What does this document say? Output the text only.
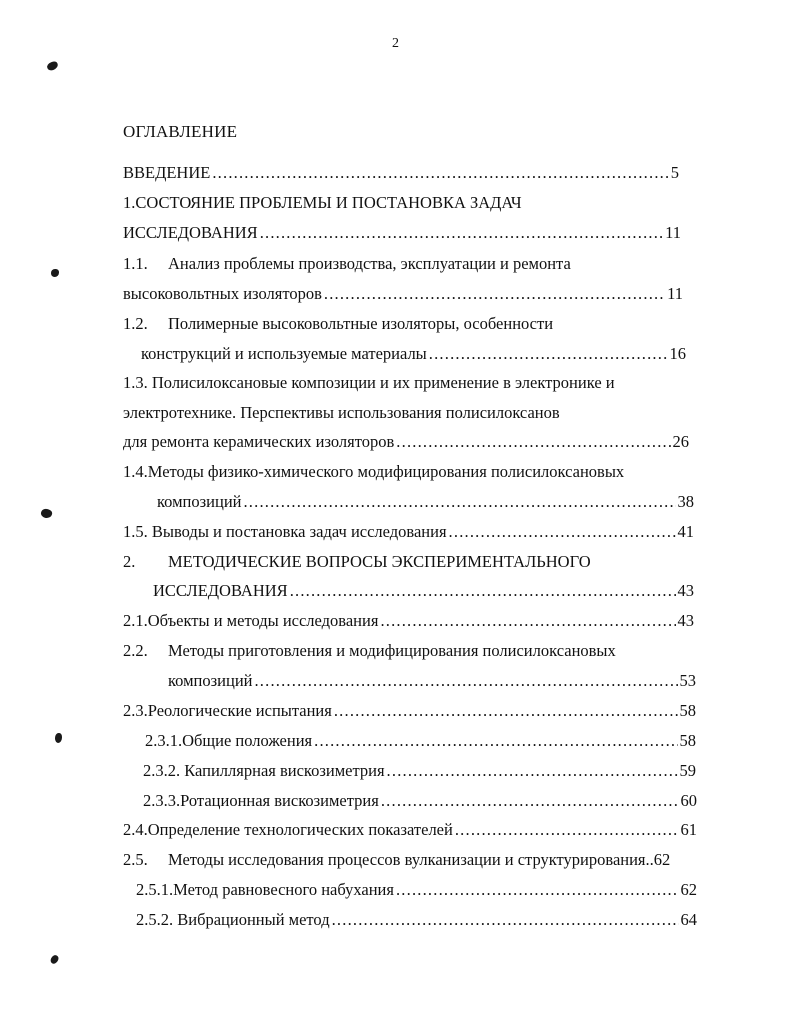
2
ОГЛАВЛЕНИЕ
ВВЕДЕНИЕ .....	5
1.СОСТОЯНИЕ ПРОБЛЕМЫ И ПОСТАНОВКА ЗАДАЧ
ИССЛЕДОВАНИЯ .....	11
1.1. Анализ проблемы производства, эксплуатации и ремонта
высоковольтных изоляторов .....	11
1.2. Полимерные высоковольтные изоляторы, особенности
конструкций и используемые материалы .....	16
1.3. Полисилоксановые композиции и их применение в электронике и
электротехнике. Перспективы использования полисилоксанов
для ремонта керамических изоляторов .....	26
1.4.Методы физико-химического модифицирования полисилоксановых
композиций .....	38
1.5. Выводы и постановка задач исследования .....	41
2. МЕТОДИЧЕСКИЕ ВОПРОСЫ ЭКСПЕРИМЕНТАЛЬНОГО
ИССЛЕДОВАНИЯ .....	43
2.1. Объекты и методы исследования .....	43
2.2. Методы приготовления и модифицирования полисилоксановых
композиций .....	53
2.3. Реологические испытания .....	58
2.3.1.Общие положения .....	58
2.3.2. Капиллярная вискозиметрия .....	59
2.3.3.Ротационная вискозиметрия .....	60
2.4. Определение технологических показателей .....	61
2.5. Методы исследования процессов вулканизации и структурирования..62
2.5.1.Метод равновесного набухания .....	62
2.5.2. Вибрационный метод .....	64
